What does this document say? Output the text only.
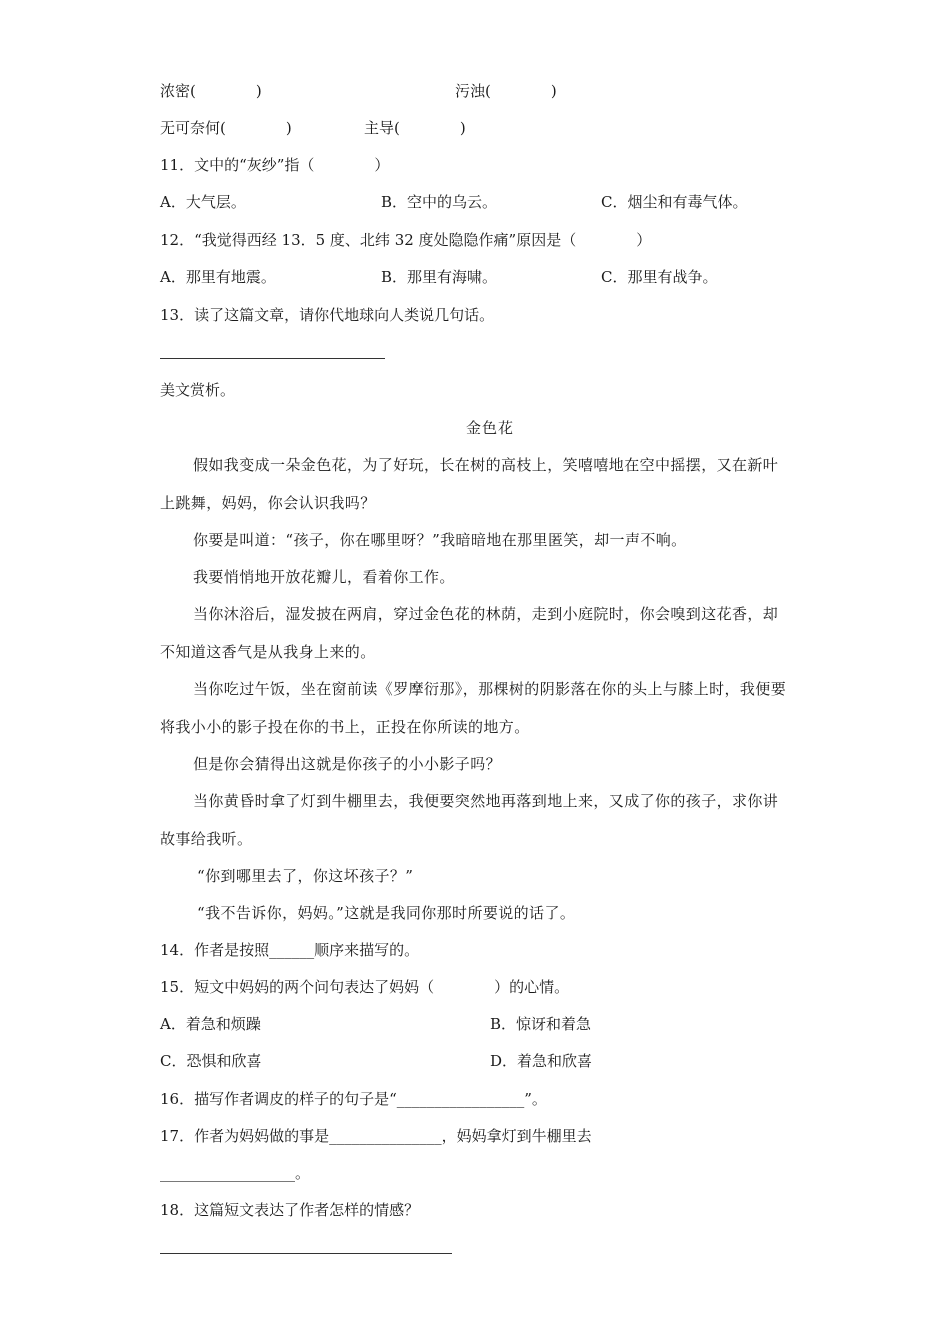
浓密(　　　　)	污浊(　　　　)
无可奈何(　　　　)	主导(　　　　)
11．文中的“灰纱”指（　　　　）
A．大气层。	B．空中的乌云。	C．烟尘和有毒气体。
12．“我觉得西经 13．5 度、北纬 32 度处隐隐作痛”原因是（　　　　）
A．那里有地震。	B．那里有海啸。	C．那里有战争。
13．读了这篇文章，请你代地球向人类说几句话。
美文赏析。
金色花
假如我变成一朵金色花，为了好玩，长在树的高枝上，笑嘻嘻地在空中摇摆，又在新叶上跳舞，妈妈，你会认识我吗？
你要是叫道：“孩子，你在哪里呀？”我暗暗地在那里匿笑，却一声不响。
我要悄悄地开放花瓣儿，看着你工作。
当你沐浴后，湿发披在两肩，穿过金色花的林荫，走到小庭院时，你会嗅到这花香，却不知道这香气是从我身上来的。
当你吃过午饭，坐在窗前读《罗摩衍那》，那棵树的阴影落在你的头上与膝上时，我便要将我小小的影子投在你的书上，正投在你所读的地方。
但是你会猜得出这就是你孩子的小小影子吗？
当你黄昏时拿了灯到牛棚里去，我便要突然地再落到地上来，又成了你的孩子，求你讲故事给我听。
“你到哪里去了，你这坏孩子？”
“我不告诉你，妈妈。”这就是我同你那时所要说的话了。
14．作者是按照______顺序来描写的。
15．短文中妈妈的两个问句表达了妈妈（　　　　）的心情。
A．着急和烦躁	B．惊讶和着急
C．恐惧和欣喜	D．着急和欣喜
16．描写作者调皮的样子的句子是“_________________”。
17．作者为妈妈做的事是_______________，妈妈拿灯到牛棚里去
__________________。
18．这篇短文表达了作者怎样的情感？
